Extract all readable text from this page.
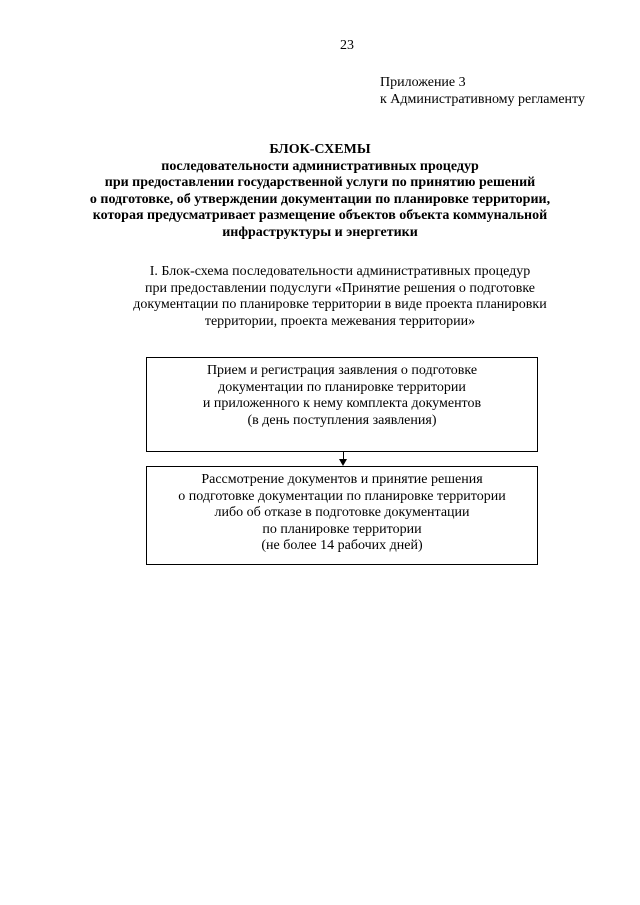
23
Приложение 3
к Административному регламенту
БЛОК-СХЕМЫ
последовательности административных процедур
при предоставлении государственной услуги по принятию решений
о подготовке, об утверждении документации по планировке территории,
которая предусматривает размещение объектов объекта коммунальной
инфраструктуры и энергетики
I. Блок-схема последовательности административных процедур
при предоставлении подуслуги «Принятие решения о подготовке
документации по планировке территории в виде проекта планировки
территории, проекта межевания территории»
Прием и регистрация заявления о подготовке
документации по планировке территории
и приложенного к нему комплекта документов
(в день поступления заявления)
Рассмотрение документов и принятие решения
о подготовке документации по планировке территории
либо об отказе в подготовке документации
по планировке территории
(не более 14 рабочих дней)
